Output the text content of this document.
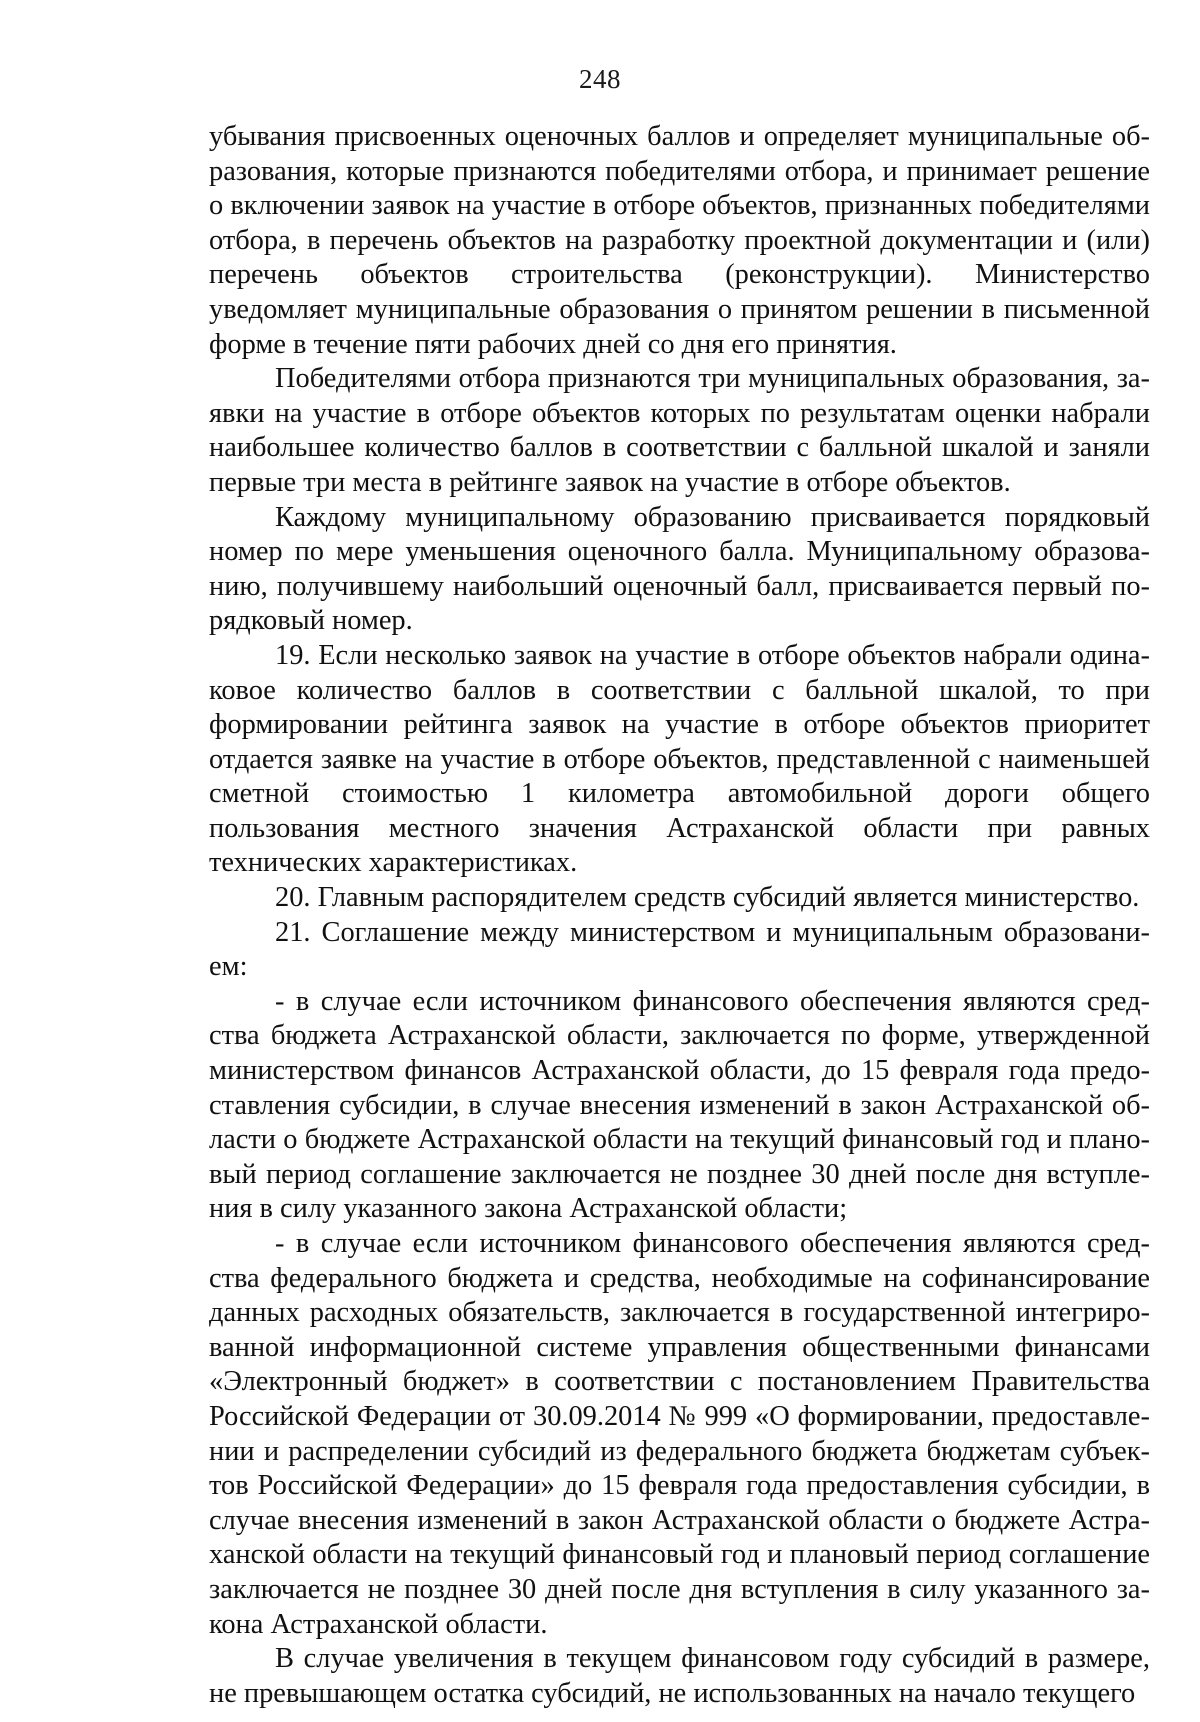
248

убывания присвоенных оценочных баллов и определяет муниципальные образования, которые признаются победителями отбора, и принимает решение о включении заявок на участие в отборе объектов, признанных победителями отбора, в перечень объектов на разработку проектной документации и (или) перечень объектов строительства (реконструкции). Министерство уведомляет муниципальные образования о принятом решении в письменной форме в течение пяти рабочих дней со дня его принятия.

Победителями отбора признаются три муниципальных образования, заявки на участие в отборе объектов которых по результатам оценки набрали наибольшее количество баллов в соответствии с балльной шкалой и заняли первые три места в рейтинге заявок на участие в отборе объектов.

Каждому муниципальному образованию присваивается порядковый номер по мере уменьшения оценочного балла. Муниципальному образованию, получившему наибольший оценочный балл, присваивается первый порядковый номер.

19. Если несколько заявок на участие в отборе объектов набрали одинаковое количество баллов в соответствии с балльной шкалой, то при формировании рейтинга заявок на участие в отборе объектов приоритет отдается заявке на участие в отборе объектов, представленной с наименьшей сметной стоимостью 1 километра автомобильной дороги общего пользования местного значения Астраханской области при равных технических характеристиках.

20. Главным распорядителем средств субсидий является министерство.

21. Соглашение между министерством и муниципальным образованием:

- в случае если источником финансового обеспечения являются средства бюджета Астраханской области, заключается по форме, утвержденной министерством финансов Астраханской области, до 15 февраля года предоставления субсидии, в случае внесения изменений в закон Астраханской области о бюджете Астраханской области на текущий финансовый год и плановый период соглашение заключается не позднее 30 дней после дня вступления в силу указанного закона Астраханской области;

- в случае если источником финансового обеспечения являются средства федерального бюджета и средства, необходимые на софинансирование данных расходных обязательств, заключается в государственной интегрированной информационной системе управления общественными финансами «Электронный бюджет» в соответствии с постановлением Правительства Российской Федерации от 30.09.2014 № 999 «О формировании, предоставлении и распределении субсидий из федерального бюджета бюджетам субъектов Российской Федерации» до 15 февраля года предоставления субсидии, в случае внесения изменений в закон Астраханской области о бюджете Астраханской области на текущий финансовый год и плановый период соглашение заключается не позднее 30 дней после дня вступления в силу указанного закона Астраханской области.

В случае увеличения в текущем финансовом году субсидий в размере, не превышающем остатка субсидий, не использованных на начало текущего
